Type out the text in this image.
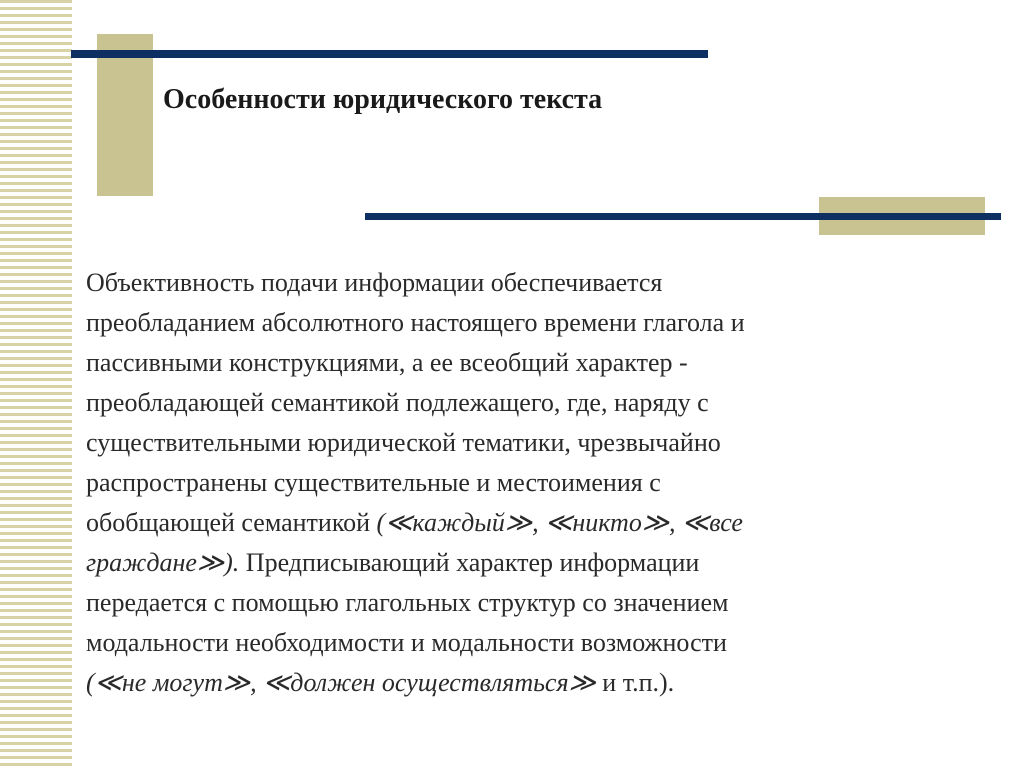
Особенности юридического текста
Объективность подачи информации обеспечивается
преобладанием абсолютного настоящего времени глагола и
пассивными конструкциями, а ее всеобщий характер -
преобладающей семантикой подлежащего, где, наряду с
существительными юридической тематики, чрезвычайно
распространены существительные и местоимения с
обобщающей семантикой (≪каждый≫, ≪никто≫, ≪все
граждане≫). Предписывающий характер информации
передается с помощью глагольных структур со значением
модальности необходимости и модальности возможности
(≪не могут≫, ≪должен осуществляться≫ и т.п.).
